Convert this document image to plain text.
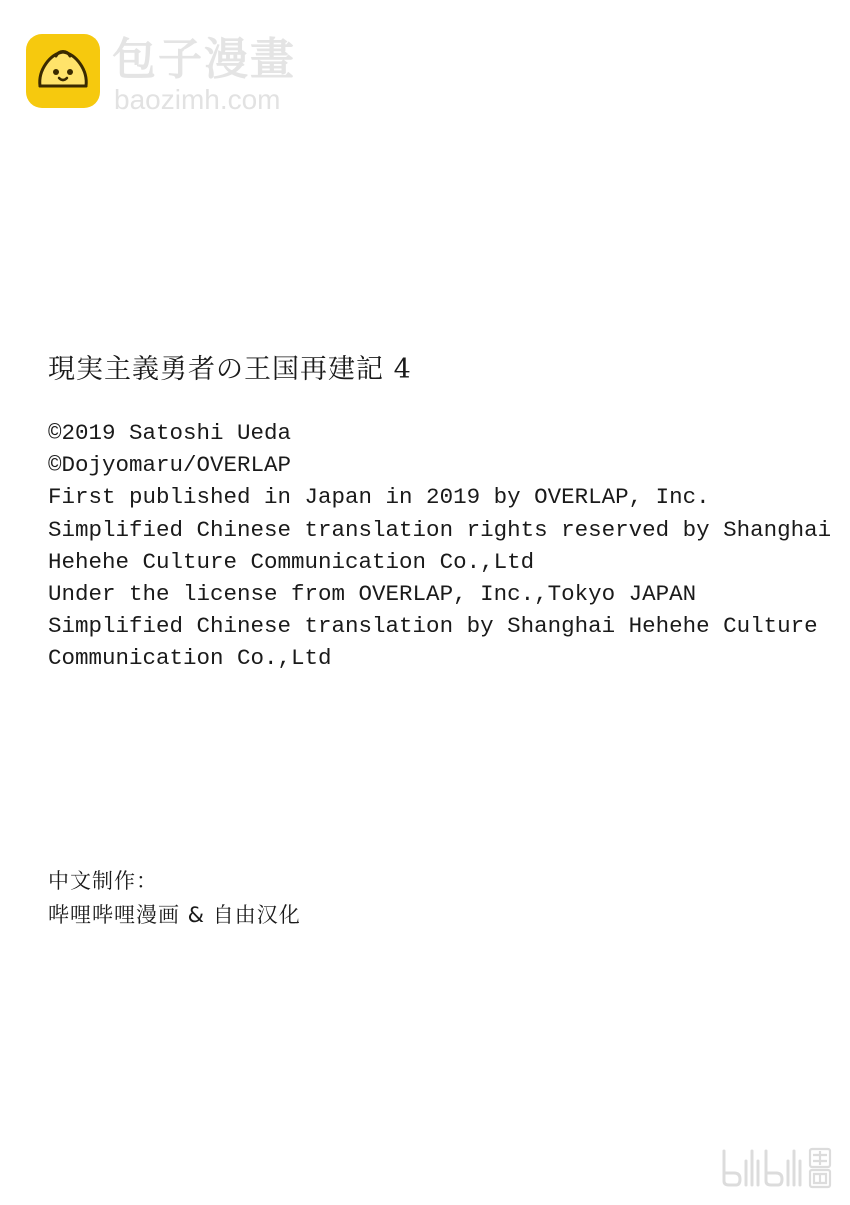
包子漫畫
baozimh.com
現実主義勇者の王国再建記 4
©2019 Satoshi Ueda
©Dojyomaru/OVERLAP
First published in Japan in 2019 by OVERLAP, Inc.
Simplified Chinese translation rights reserved by Shanghai
Hehehe Culture Communication Co.,Ltd
Under the license from OVERLAP, Inc.,Tokyo JAPAN
Simplified Chinese translation by Shanghai Hehehe Culture
Communication Co.,Ltd
中文制作：
哔哩哔哩漫画 & 自由汉化
